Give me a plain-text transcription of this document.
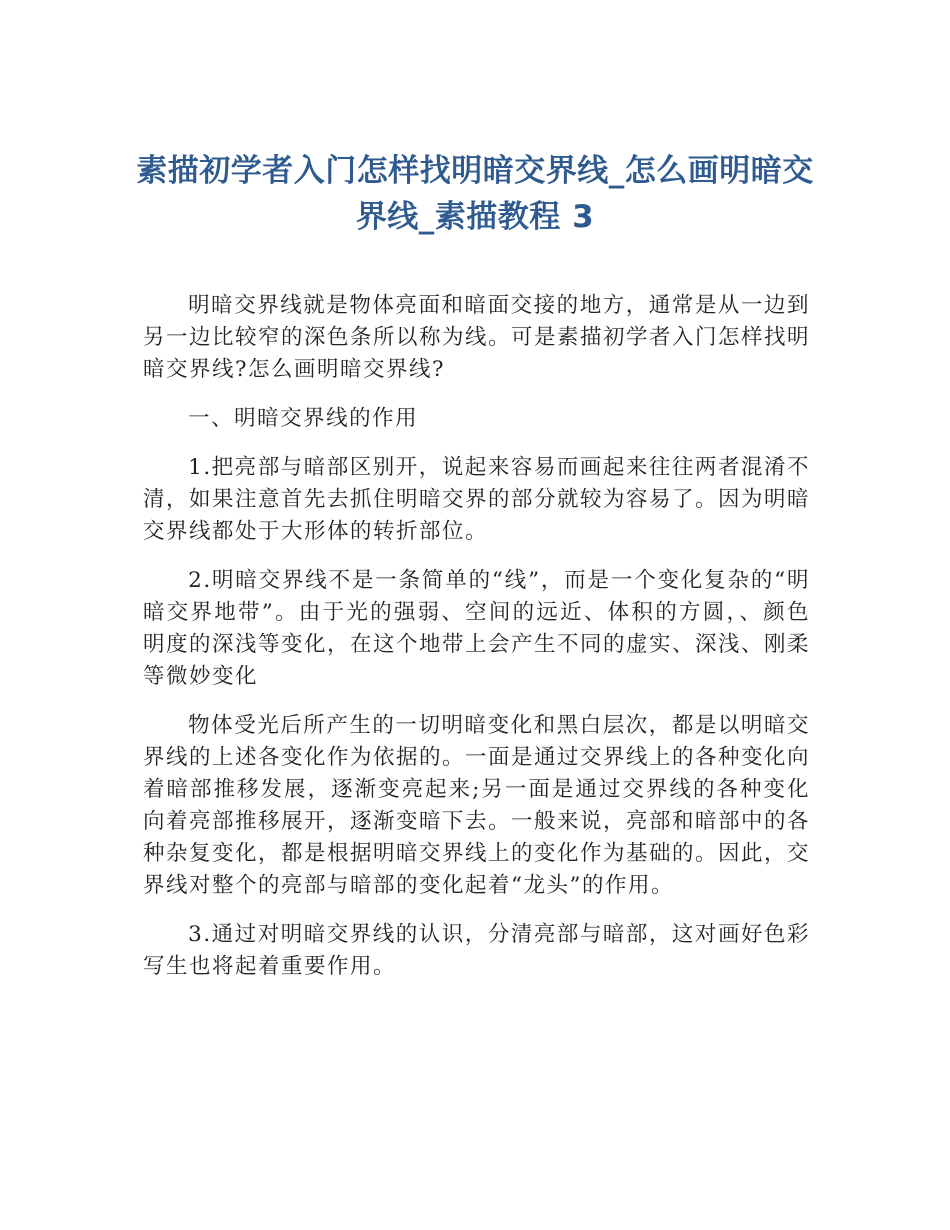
素描初学者入门怎样找明暗交界线_怎么画明暗交界线_素描教程 3

明暗交界线就是物体亮面和暗面交接的地方，通常是从一边到另一边比较窄的深色条所以称为线。可是素描初学者入门怎样找明暗交界线?怎么画明暗交界线?

一、明暗交界线的作用

1.把亮部与暗部区别开，说起来容易而画起来往往两者混淆不清，如果注意首先去抓住明暗交界的部分就较为容易了。因为明暗交界线都处于大形体的转折部位。

2.明暗交界线不是一条简单的“线”，而是一个变化复杂的“明暗交界地带”。由于光的强弱、空间的远近、体积的方圆，、颜色明度的深浅等变化，在这个地带上会产生不同的虚实、深浅、刚柔等微妙变化

物体受光后所产生的一切明暗变化和黑白层次，都是以明暗交界线的上述各变化作为依据的。一面是通过交界线上的各种变化向着暗部推移发展，逐渐变亮起来;另一面是通过交界线的各种变化向着亮部推移展开，逐渐变暗下去。一般来说，亮部和暗部中的各种杂复变化，都是根据明暗交界线上的变化作为基础的。因此，交界线对整个的亮部与暗部的变化起着“龙头”的作用。

3.通过对明暗交界线的认识，分清亮部与暗部，这对画好色彩写生也将起着重要作用。
